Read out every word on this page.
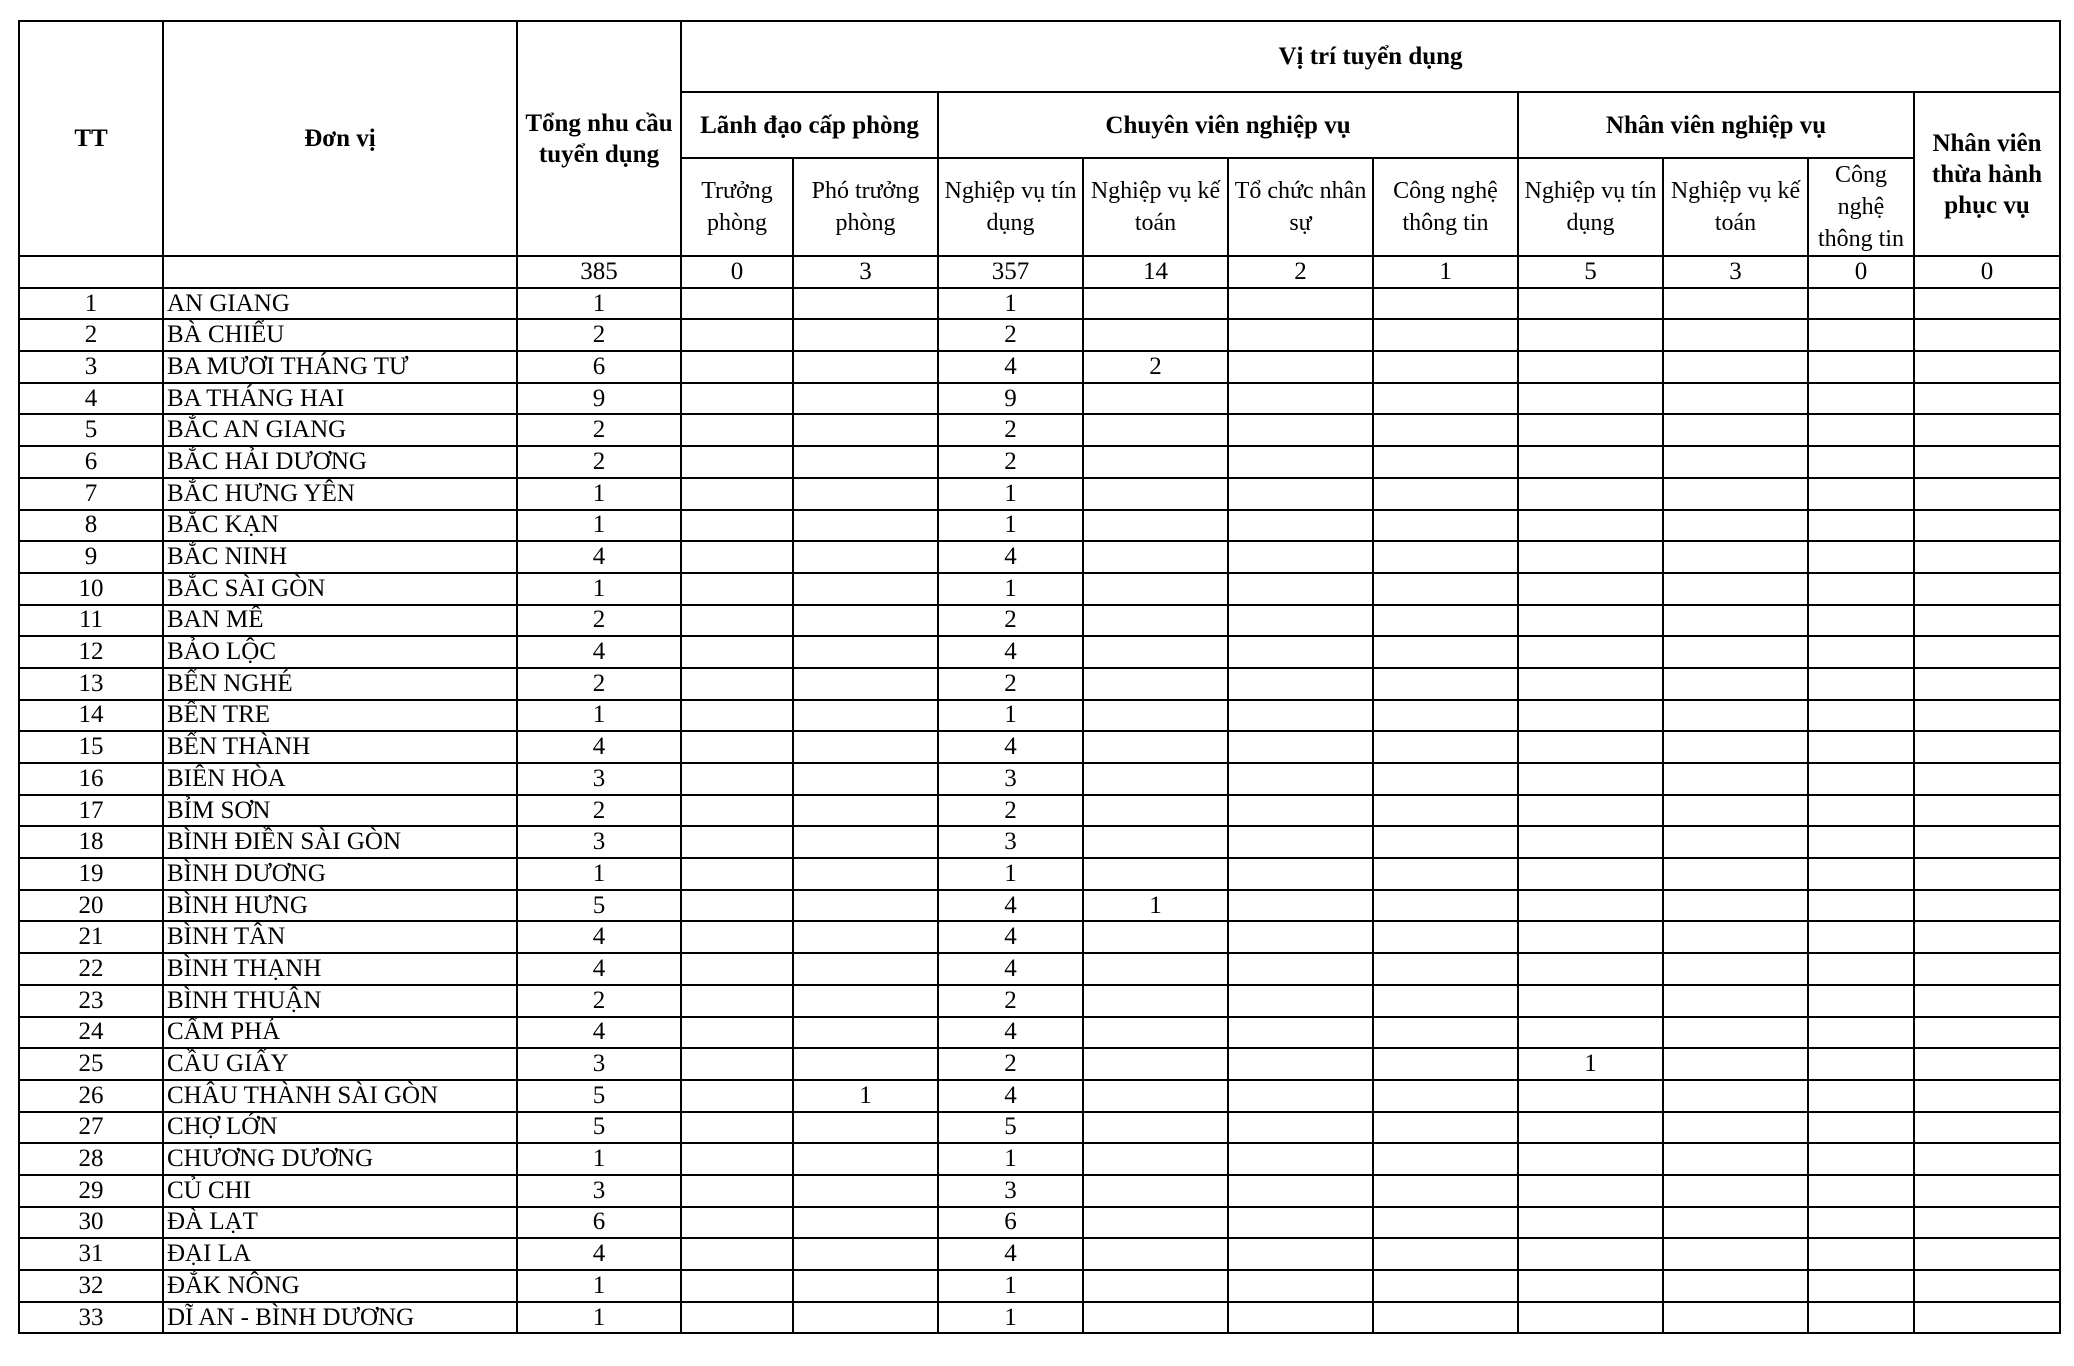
TT	Đơn vị	Tổng nhu cầu tuyển dụng	Vị trí tuyển dụng									
			Lãnh đạo cấp phòng		Chuyên viên nghiệp vụ				Nhân viên nghiệp vụ			Nhân viên thừa hành phục vụ
			Trưởng phòng	Phó trưởng phòng	Nghiệp vụ tín dụng	Nghiệp vụ kế toán	Tổ chức nhân sự	Công nghệ thông tin	Nghiệp vụ tín dụng	Nghiệp vụ kế toán	Công nghệ thông tin	
		385	0	3	357	14	2	1	5	3	0	0
1	AN GIANG	1			1							
2	BÀ CHIỂU	2			2							
3	BA MƯƠI THÁNG TƯ	6			4	2						
4	BA THÁNG HAI	9			9							
5	BẮC AN GIANG	2			2							
6	BẮC HẢI DƯƠNG	2			2							
7	BẮC HƯNG YÊN	1			1							
8	BẮC KẠN	1			1							
9	BẮC NINH	4			4							
10	BẮC SÀI GÒN	1			1							
11	BAN MÊ	2			2							
12	BẢO LỘC	4			4							
13	BẾN NGHÉ	2			2							
14	BẾN TRE	1			1							
15	BẾN THÀNH	4			4							
16	BIÊN HÒA	3			3							
17	BỈM SƠN	2			2							
18	BÌNH ĐIỀN SÀI GÒN	3			3							
19	BÌNH DƯƠNG	1			1							
20	BÌNH HƯNG	5			4	1						
21	BÌNH TÂN	4			4							
22	BÌNH THẠNH	4			4							
23	BÌNH THUẬN	2			2							
24	CẨM PHẢ	4			4							
25	CẦU GIẤY	3			2				1			
26	CHÂU THÀNH SÀI GÒN	5		1	4							
27	CHỢ LỚN	5			5							
28	CHƯƠNG DƯƠNG	1			1							
29	CỦ CHI	3			3							
30	ĐÀ LẠT	6			6							
31	ĐẠI LA	4			4							
32	ĐẮK NÔNG	1			1							
33	DĨ AN - BÌNH DƯƠNG	1			1							
